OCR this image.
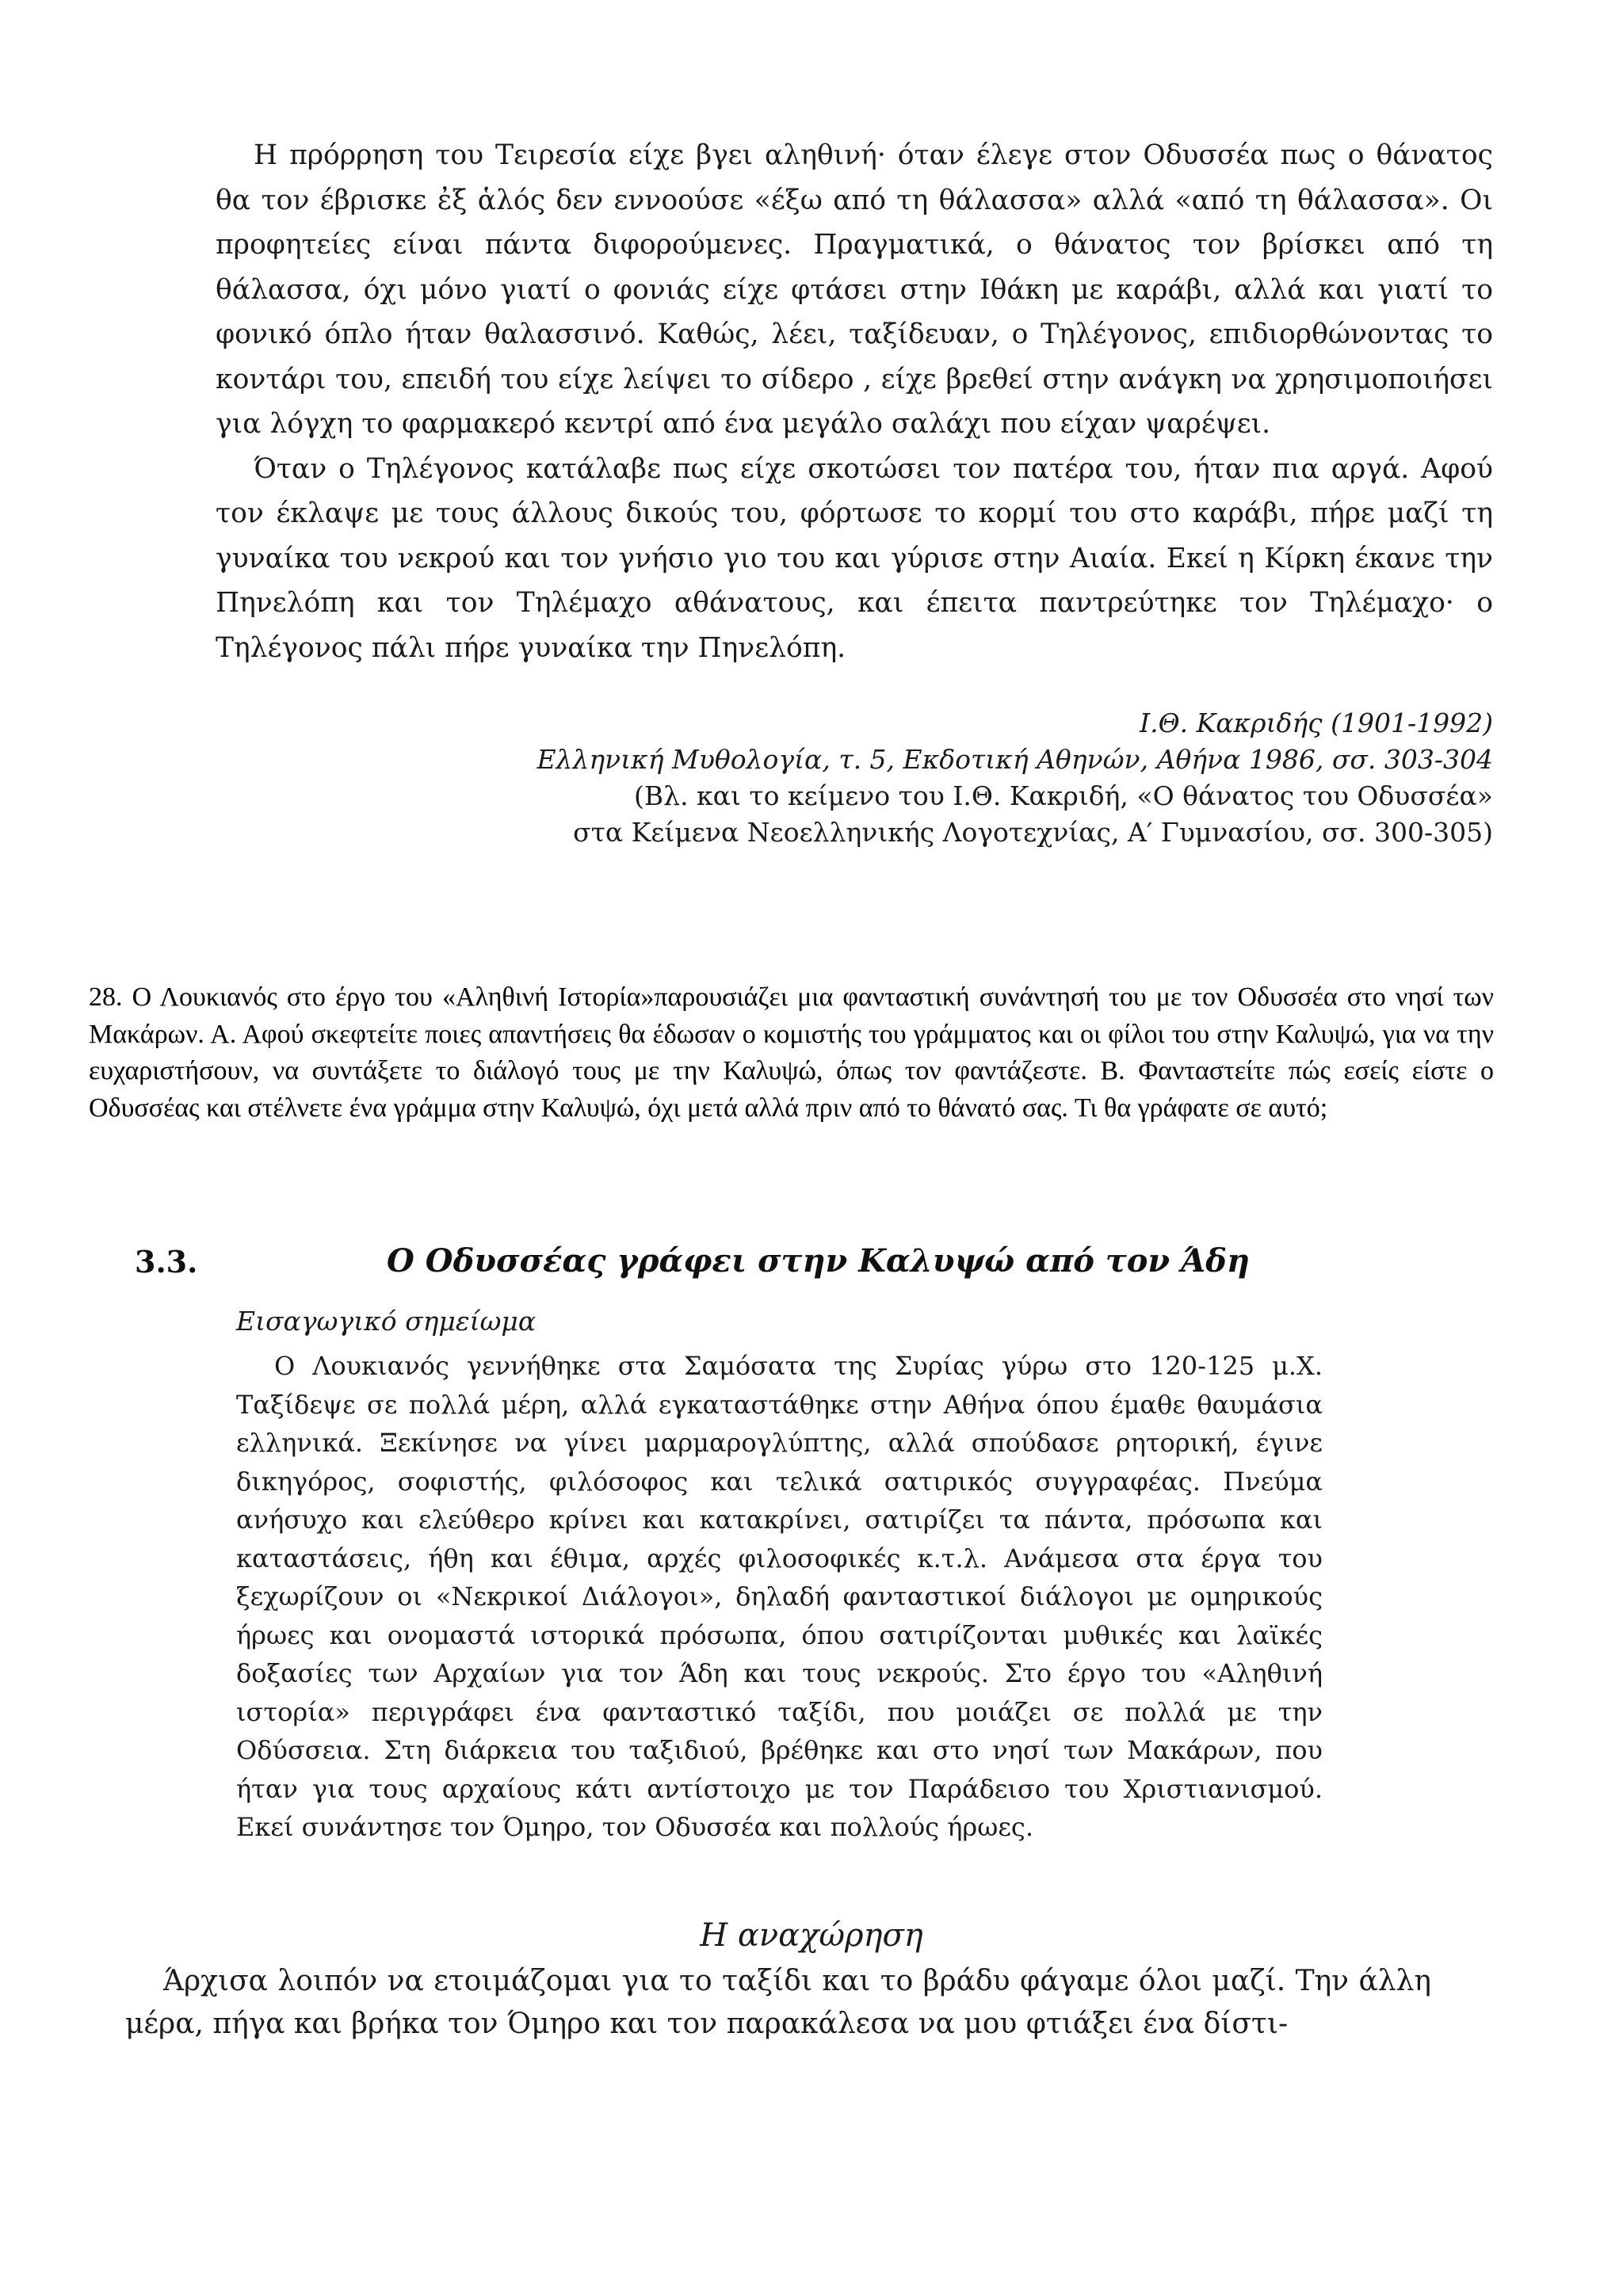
Η πρόρρηση του Τειρεσία είχε βγει αληθινή· όταν έλεγε στον Οδυσσέα πως ο θάνατος θα τον έβρισκε ἐξ ἁλός δεν εννοούσε «έξω από τη θάλασσα» αλλά «από τη θάλασσα». Οι προφητείες είναι πάντα διφορούμενες. Πραγματικά, ο θάνατος τον βρίσκει από τη θάλασσα, όχι μόνο γιατί ο φονιάς είχε φτάσει στην Ιθάκη με καράβι, αλλά και γιατί το φονικό όπλο ήταν θαλασσινό. Καθώς, λέει, ταξίδευαν, ο Τηλέγονος, επιδιορθώνοντας το κοντάρι του, επειδή του είχε λείψει το σίδερο , είχε βρεθεί στην ανάγκη να χρησιμοποιήσει για λόγχη το φαρμακερό κεντρί από ένα μεγάλο σαλάχι που είχαν ψαρέψει.

Όταν ο Τηλέγονος κατάλαβε πως είχε σκοτώσει τον πατέρα του, ήταν πια αργά. Αφού τον έκλαψε με τους άλλους δικούς του, φόρτωσε το κορμί του στο καράβι, πήρε μαζί τη γυναίκα του νεκρού και τον γνήσιο γιο του και γύρισε στην Αιαία. Εκεί η Κίρκη έκανε την Πηνελόπη και τον Τηλέμαχο αθάνατους, και έπειτα παντρεύτηκε τον Τηλέμαχο· ο Τηλέγονος πάλι πήρε γυναίκα την Πηνελόπη.

Ι.Θ. Κακριδής (1901-1992)
Ελληνική Μυθολογία, τ. 5, Εκδοτική Αθηνών, Αθήνα 1986, σσ. 303-304
(Βλ. και το κείμενο του Ι.Θ. Κακριδή, «Ο θάνατος του Οδυσσέα»
στα Κείμενα Νεοελληνικής Λογοτεχνίας, Α′ Γυμνασίου, σσ. 300-305)
28. Ο Λουκιανός στο έργο του «Αληθινή Ιστορία»παρουσιάζει μια φανταστική συνάντησή του με τον Οδυσσέα στο νησί των Μακάρων. Α. Αφού σκεφτείτε ποιες απαντήσεις θα έδωσαν ο κομιστής του γράμματος και οι φίλοι του στην Καλυψώ, για να την ευχαριστήσουν, να συντάξετε το διάλογό τους με την Καλυψώ, όπως τον φαντάζεστε. Β. Φανταστείτε πώς εσείς είστε ο Οδυσσέας και στέλνετε ένα γράμμα στην Καλυψώ, όχι μετά αλλά πριν από το θάνατό σας. Τι θα γράφατε σε αυτό;
3.3.	Ο Οδυσσέας γράφει στην Καλυψώ από τον Άδη
Εισαγωγικό σημείωμα
Ο Λουκιανός γεννήθηκε στα Σαμόσατα της Συρίας γύρω στο 120-125 μ.Χ. Ταξίδεψε σε πολλά μέρη, αλλά εγκαταστάθηκε στην Αθήνα όπου έμαθε θαυμάσια ελληνικά. Ξεκίνησε να γίνει μαρμαρογλύπτης, αλλά σπούδασε ρητορική, έγινε δικηγόρος, σοφιστής, φιλόσοφος και τελικά σατιρικός συγγραφέας. Πνεύμα ανήσυχο και ελεύθερο κρίνει και κατακρίνει, σατιρίζει τα πάντα, πρόσωπα και καταστάσεις, ήθη και έθιμα, αρχές φιλοσοφικές κ.τ.λ. Ανάμεσα στα έργα του ξεχωρίζουν οι «Νεκρικοί Διάλογοι», δηλαδή φανταστικοί διάλογοι με ομηρικούς ήρωες και ονομαστά ιστορικά πρόσωπα, όπου σατιρίζονται μυθικές και λαϊκές δοξασίες των Αρχαίων για τον Άδη και τους νεκρούς. Στο έργο του «Αληθινή ιστορία» περιγράφει ένα φανταστικό ταξίδι, που μοιάζει σε πολλά με την Οδύσσεια. Στη διάρκεια του ταξιδιού, βρέθηκε και στο νησί των Μακάρων, που ήταν για τους αρχαίους κάτι αντίστοιχο με τον Παράδεισο του Χριστιανισμού. Εκεί συνάντησε τον Όμηρο, τον Οδυσσέα και πολλούς ήρωες.
Η αναχώρηση
Άρχισα λοιπόν να ετοιμάζομαι για το ταξίδι και το βράδυ φάγαμε όλοι μαζί. Την άλλη μέρα, πήγα και βρήκα τον Όμηρο και τον παρακάλεσα να μου φτιάξει ένα δίστι-
